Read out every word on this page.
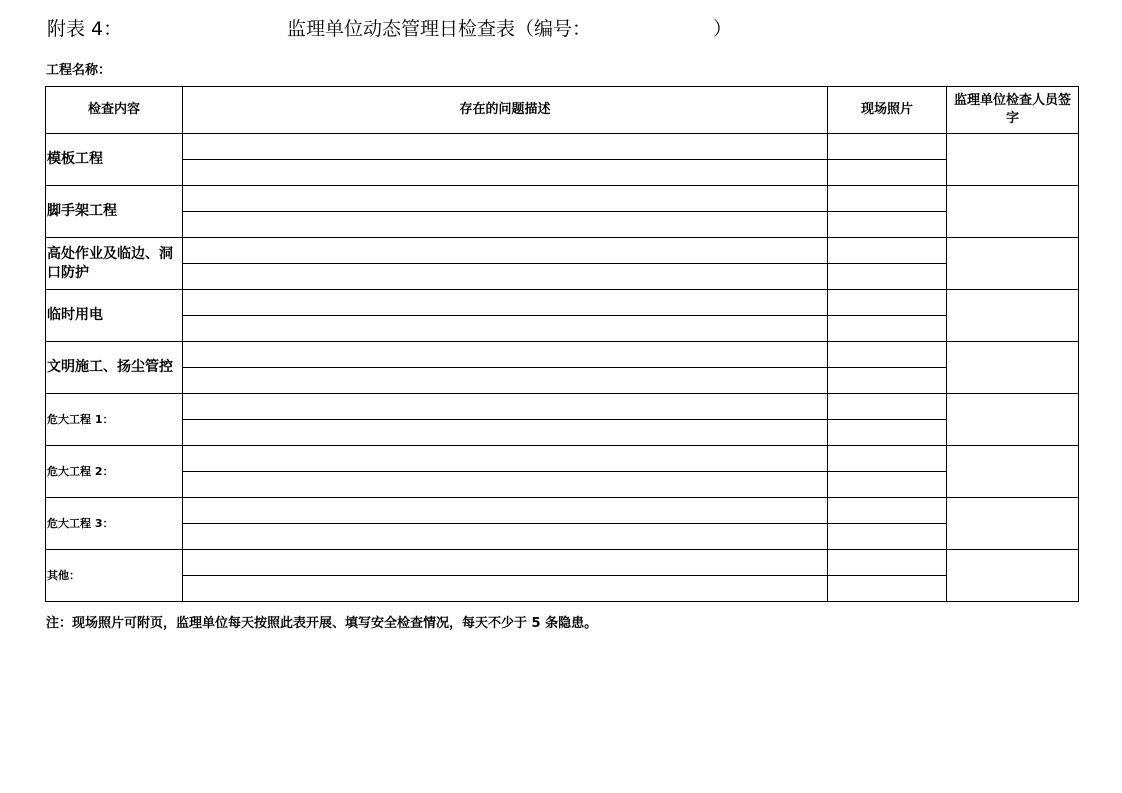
附表 4：	监理单位动态管理日检查表（编号：	）
工程名称：
检查内容	存在的问题描述	现场照片	监理单位检查人员签字
模板工程			

脚手架工程			

高处作业及临边、洞口防护			

临时用电			

文明施工、扬尘管控			

危大工程 1：			

危大工程 2：			

危大工程 3：			

其他：			

注：现场照片可附页，监理单位每天按照此表开展、填写安全检查情况，每天不少于 5 条隐患。
